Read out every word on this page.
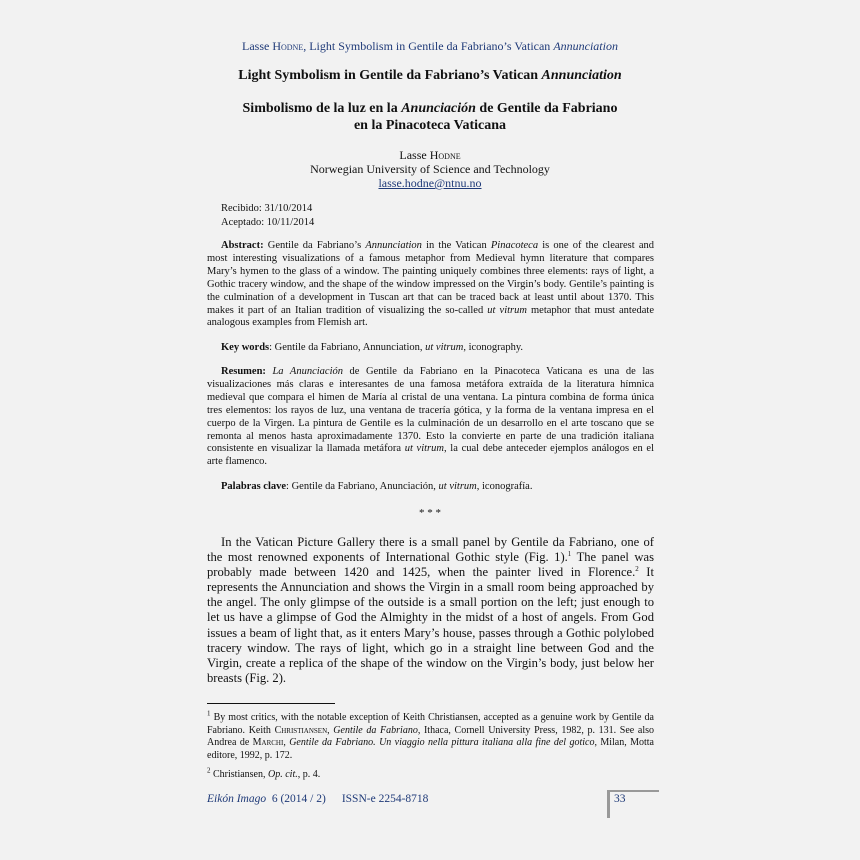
Lasse Hodne, Light Symbolism in Gentile da Fabriano’s Vatican Annunciation
Light Symbolism in Gentile da Fabriano’s Vatican Annunciation
Simbolismo de la luz en la Anunciación de Gentile da Fabriano
en la Pinacoteca Vaticana
Lasse Hodne
Norwegian University of Science and Technology
lasse.hodne@ntnu.no
Recibido: 31/10/2014
Aceptado: 10/11/2014
Abstract: Gentile da Fabriano’s Annunciation in the Vatican Pinacoteca is one of the clearest and most interesting visualizations of a famous metaphor from Medieval hymn literature that compares Mary’s hymen to the glass of a window. The painting uniquely combines three elements: rays of light, a Gothic tracery window, and the shape of the window impressed on the Virgin’s body. Gentile’s painting is the culmination of a development in Tuscan art that can be traced back at least until about 1370. This makes it part of an Italian tradition of visualizing the so-called ut vitrum metaphor that must antedate analogous examples from Flemish art.
Key words: Gentile da Fabriano, Annunciation, ut vitrum, iconography.
Resumen: La Anunciación de Gentile da Fabriano en la Pinacoteca Vaticana es una de las visualizaciones más claras e interesantes de una famosa metáfora extraída de la literatura hímnica medieval que compara el himen de María al cristal de una ventana. La pintura combina de forma única tres elementos: los rayos de luz, una ventana de tracería gótica, y la forma de la ventana impresa en el cuerpo de la Virgen. La pintura de Gentile es la culminación de un desarrollo en el arte toscano que se remonta al menos hasta aproximadamente 1370. Esto la convierte en parte de una tradición italiana consistente en visualizar la llamada metáfora ut vitrum, la cual debe anteceder ejemplos análogos en el arte flamenco.
Palabras clave: Gentile da Fabriano, Anunciación, ut vitrum, iconografía.
* * *

In the Vatican Picture Gallery there is a small panel by Gentile da Fabriano, one of the most renowned exponents of International Gothic style (Fig. 1).$^1$ The panel was probably made between 1420 and 1425, when the painter lived in Florence.$^2$ It represents the Annunciation and shows the Virgin in a small room being approached by the angel. The only glimpse of the outside is a small portion on the left; just enough to let us have a glimpse of God the Almighty in the midst of a host of angels. From God issues a beam of light that, as it enters Mary’s house, passes through a Gothic polylobed tracery window. The rays of light, which go in a straight line between God and the Virgin, create a replica of the shape of the window on the Virgin’s body, just below her breasts (Fig. 2).

$^1$ By most critics, with the notable exception of Keith Christiansen, accepted as a genuine work by Gentile da Fabriano. Keith Christiansen, Gentile da Fabriano, Ithaca, Cornell University Press, 1982, p. 131. See also Andrea de Marchi, Gentile da Fabriano. Un viaggio nella pittura italiana alla fine del gotico, Milan, Motta editore, 1992, p. 172.
$^2$ Christiansen, Op. cit., p. 4.
Eikón Imago 6 (2014 / 2) ISSN-e 2254-8718	33
